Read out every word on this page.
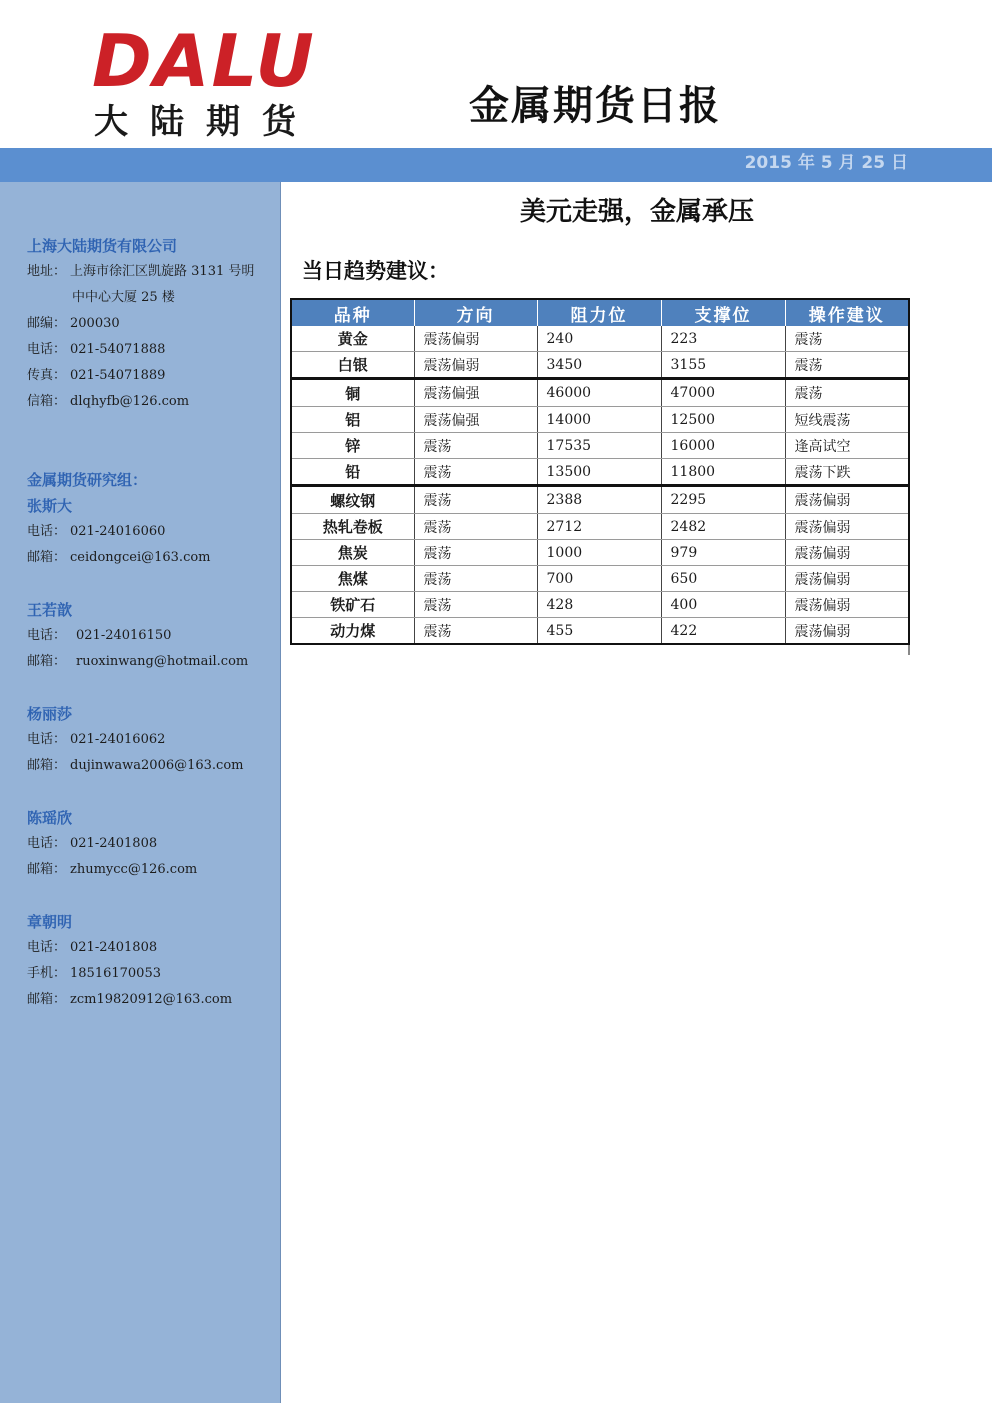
DALU
大陆期货	金属期货日报
2015 年 5 月 25 日
上海大陆期货有限公司
地址： 上海市徐汇区凯旋路 3131 号明
中中心大厦 25 楼
邮编： 200030
电话： 021-54071888
传真： 021-54071889
信箱： dlqhyfb@126.com
金属期货研究组：
张斯大
电话： 021-24016060
邮箱： ceidongcei@163.com
王若歆
电话： 021-24016150
邮箱： ruoxinwang@hotmail.com
杨丽莎
电话： 021-24016062
邮箱： dujinwawa2006@163.com
陈瑶欣
电话： 021-2401808
邮箱： zhumycc@126.com
章朝明
电话： 021-2401808
手机： 18516170053
邮箱： zcm19820912@163.com
美元走强，金属承压
当日趋势建议：
品种	方向	阻力位	支撑位	操作建议
黄金	震荡偏弱	240	223	震荡
白银	震荡偏弱	3450	3155	震荡
铜	震荡偏强	46000	47000	震荡
铝	震荡偏强	14000	12500	短线震荡
锌	震荡	17535	16000	逢高试空
铅	震荡	13500	11800	震荡下跌
螺纹钢	震荡	2388	2295	震荡偏弱
热轧卷板	震荡	2712	2482	震荡偏弱
焦炭	震荡	1000	979	震荡偏弱
焦煤	震荡	700	650	震荡偏弱
铁矿石	震荡	428	400	震荡偏弱
动力煤	震荡	455	422	震荡偏弱
